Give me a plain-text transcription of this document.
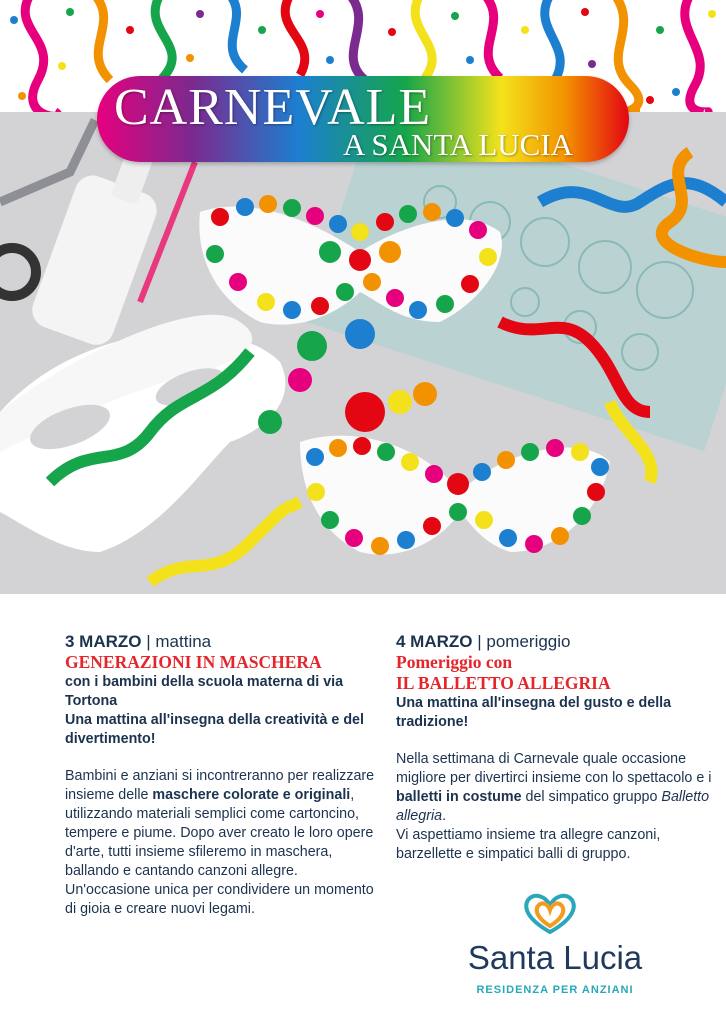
CARNEVALE
A SANTA LUCIA

3 MARZO | mattina

GENERAZIONI IN MASCHERA

con i bambini della scuola materna di via Tortona
Una mattina all'insegna della creatività e del divertimento!

Bambini e anziani si incontreranno per realizzare insieme delle maschere colorate e originali, utilizzando materiali semplici come cartoncino, tempere e piume. Dopo aver creato le loro opere d'arte, tutti insieme sfileremo in maschera, ballando e cantando canzoni allegre. Un'occasione unica per condividere un momento di gioia e creare nuovi legami.

4 MARZO | pomeriggio

Pomeriggio con

IL BALLETTO ALLEGRIA

Una mattina all'insegna del gusto e della tradizione!

Nella settimana di Carnevale quale occasione migliore per divertirci insieme con lo spettacolo e i balletti in costume del simpatico gruppo Balletto allegria.
Vi aspettiamo insieme tra allegre canzoni, barzellette e simpatici balli di gruppo.

Santa Lucia

RESIDENZA PER ANZIANI
